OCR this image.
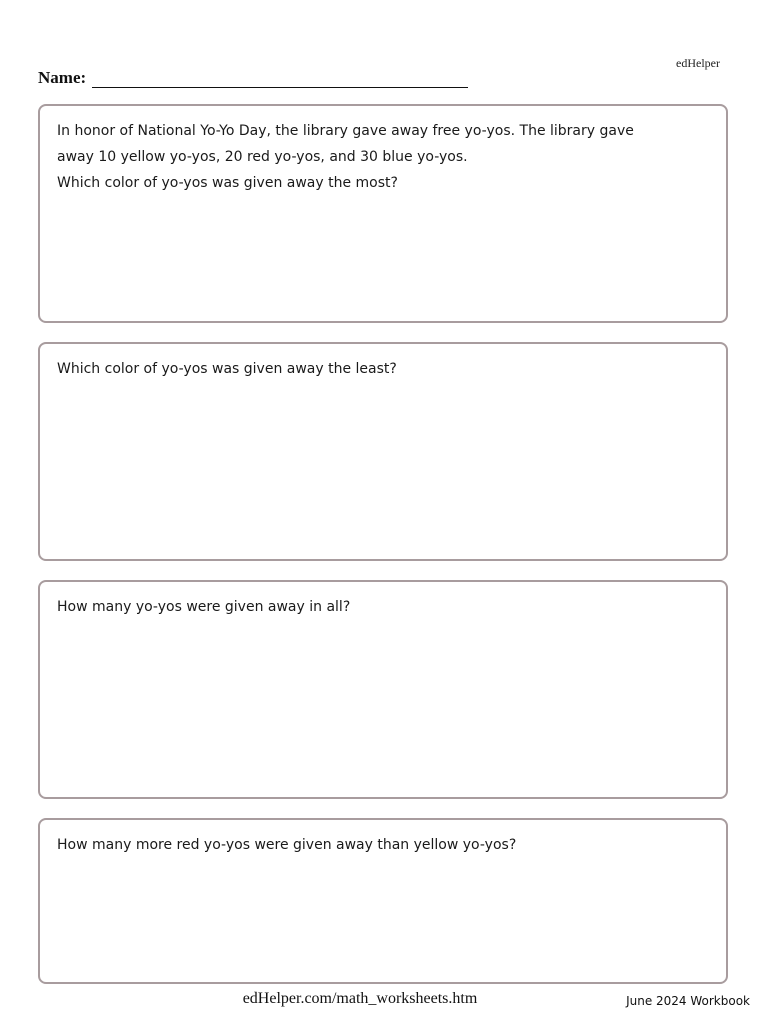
edHelper
Name:

In honor of National Yo-Yo Day, the library gave away free yo-yos. The library gave

away 10 yellow yo-yos, 20 red yo-yos, and 30 blue yo-yos.

Which color of yo-yos was given away the most?

Which color of yo-yos was given away the least?

How many yo-yos were given away in all?

How many more red yo-yos were given away than yellow yo-yos?

edHelper.com/math_worksheets.htm	June 2024 Workbook
